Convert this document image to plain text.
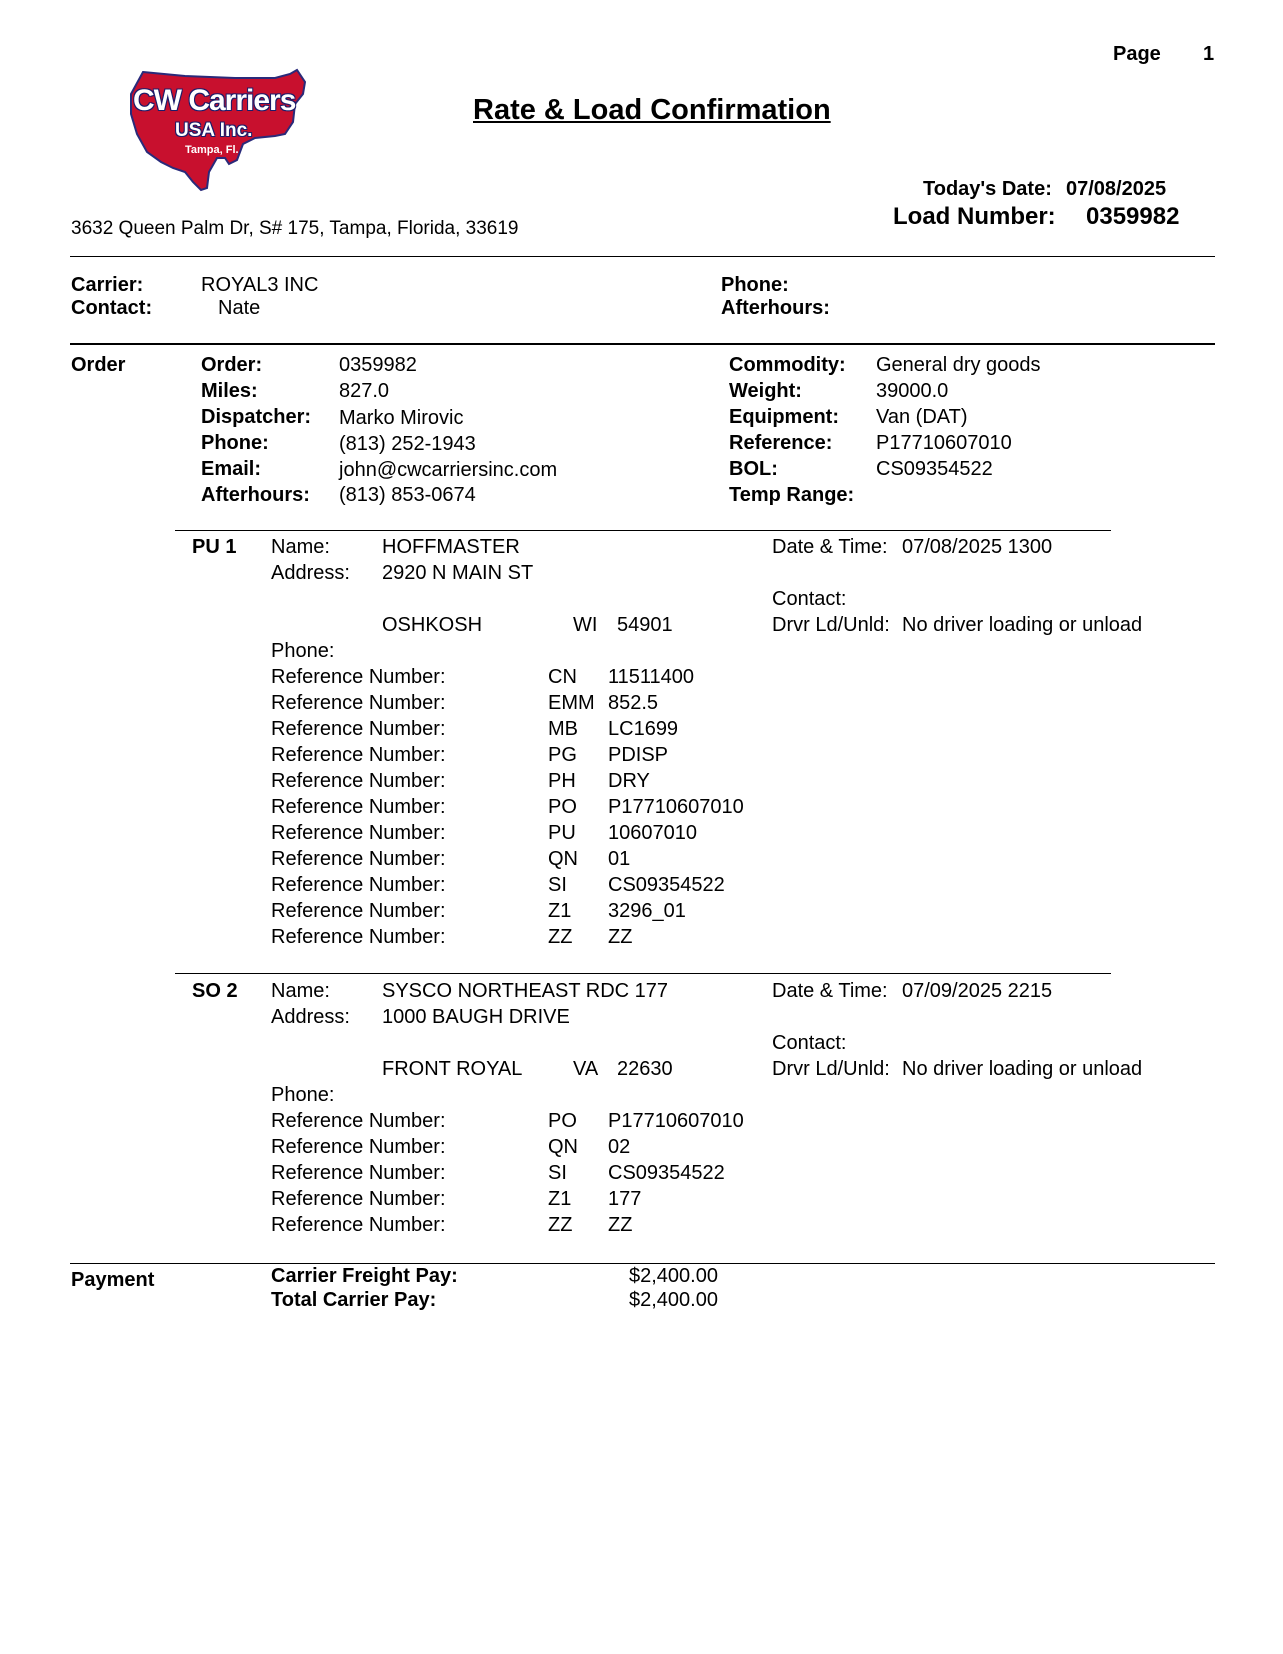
Page 1
CW Carriers
USA Inc.
Tampa, Fl.
Rate & Load Confirmation
Today's Date: 07/08/2025
Load Number: 0359982
3632 Queen Palm Dr, S# 175, Tampa, Florida, 33619
Carrier:	ROYAL3 INC
Contact:	Nate
Phone:
Afterhours:
Order	Order:	0359982
Miles:	827.0
Dispatcher: Marko Mirovic
Phone:	(813) 252-1943
Email:	john@cwcarriersinc.com
Afterhours: (813) 853-0674
Commodity: General dry goods
Weight:	39000.0
Equipment: Van (DAT)
Reference: P17710607010
BOL:	CS09354522
Temp Range:
PU 1 Name:	HOFFMASTER
Address: 2920 N MAIN ST
OSHKOSH	WI 54901
Phone:
Date & Time: 07/08/2025 1300
Contact:
Drvr Ld/Unld: No driver loading or unload
Reference Number:	CN 11511400
Reference Number:	EMM 852.5
Reference Number:	MB LC1699
Reference Number:	PG PDISP
Reference Number:	PH DRY
Reference Number:	PO P17710607010
Reference Number:	PU 10607010
Reference Number:	QN 01
Reference Number:	SI CS09354522
Reference Number:	Z1 3296_01
Reference Number:	ZZ ZZ
SO 2 Name:	SYSCO NORTHEAST RDC 177
Address: 1000 BAUGH DRIVE
FRONT ROYAL	VA 22630
Phone:
Date & Time: 07/09/2025 2215
Contact:
Drvr Ld/Unld: No driver loading or unload
Reference Number:	PO P17710607010
Reference Number:	QN 02
Reference Number:	SI CS09354522
Reference Number:	Z1 177
Reference Number:	ZZ ZZ
Payment	Carrier Freight Pay:	$2,400.00
Total Carrier Pay:	$2,400.00
